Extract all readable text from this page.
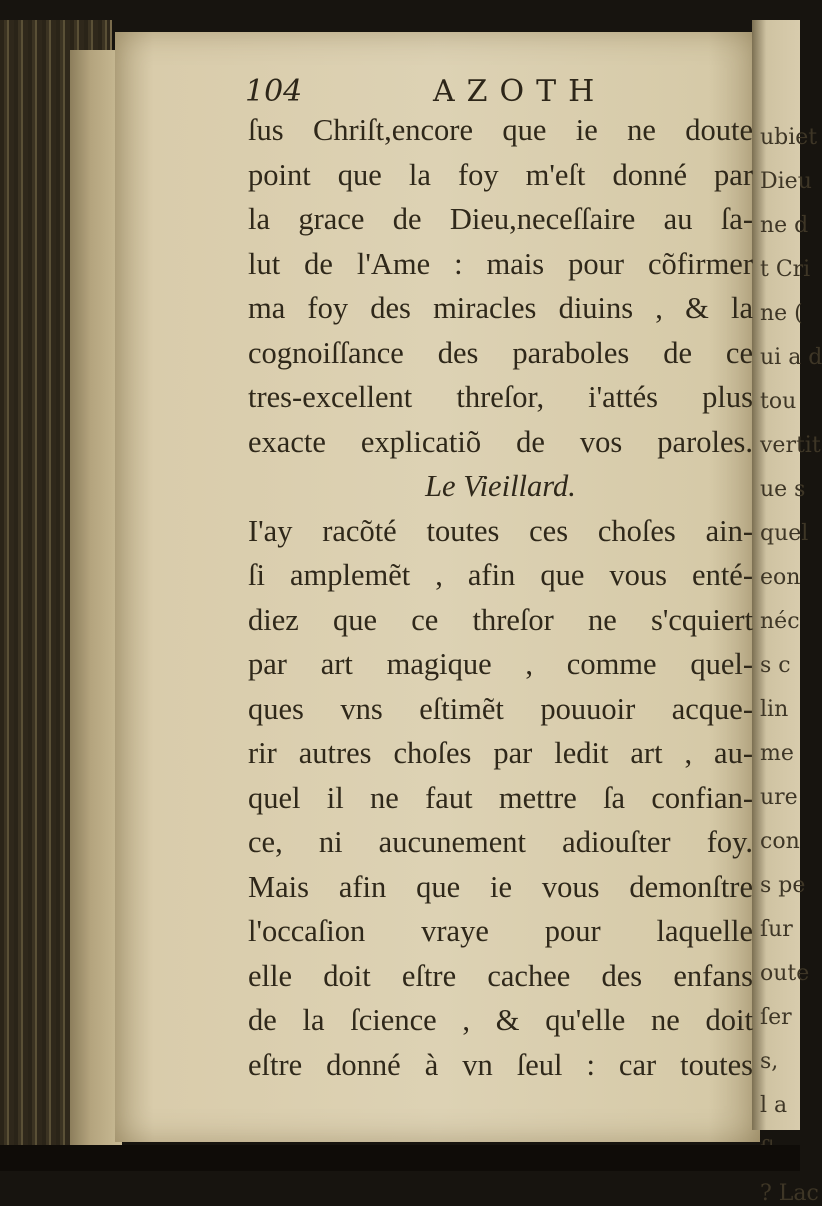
ubiet
Dieu
ne d
t Cri
ne (
ui a d
tou
vertit
ue s
quel
eon
néc
s c
lin
me
ure
con
s pe
ſur
oute
ſer
s,
l a
? Lac
104	AZOTH
ſus Chriſt,encore que ie ne doute
point que la foy m'eſt donné par
la grace de Dieu,neceſſaire au ſa-
lut de l'Ame : mais pour cõfirmer
ma foy des miracles diuins , & la
cognoiſſance des paraboles de ce
tres-excellent threſor, i'attés plus
exacte explicatiõ de vos paroles.
Le Vieillard.
I'ay racõté toutes ces choſes ain-
ſi amplemẽt , afin que vous enté-
diez que ce threſor ne s'cquiert
par art magique , comme quel-
ques vns eſtimẽt pouuoir acque-
rir autres choſes par ledit art , au-
quel il ne faut mettre ſa confian-
ce, ni aucunement adiouſter foy.
Mais afin que ie vous demonſtre
l'occaſion vraye pour laquelle
elle doit eſtre cachee des enfans
de la ſcience , & qu'elle ne doit
eſtre donné à vn ſeul : car toutes
